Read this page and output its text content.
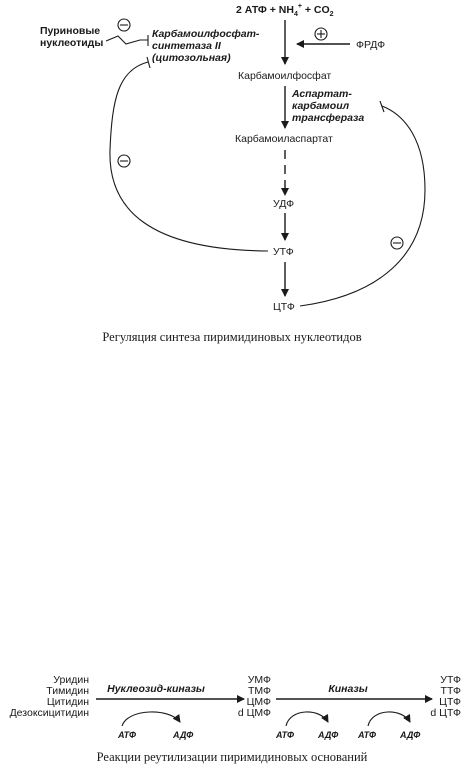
2 АТФ + $NH_4^+ + CO_2$
Пуриновые
нуклеотиды
Карбамоилфосфат-
синтетаза II
(цитозольная)
ФРДФ
Карбамоилфосфат
Аспартат-
карбамоил
трансфераза
Карбамоиласпартат
УДФ
УТФ
ЦТФ
Регуляция синтеза пиримидиновых нуклеотидов
Уридин
Тимидин
Цитидин
Дезоксицитидин
Нуклеозид-киназы
АТФ	АДФ
УМФ
ТМФ
ЦМФ
d ЦМФ
Киназы
АТФ	АДФ АТФ	АДФ
УТФ
ТТФ
ЦТФ
d ЦТФ
Реакции реутилизации пиримидиновых оснований
